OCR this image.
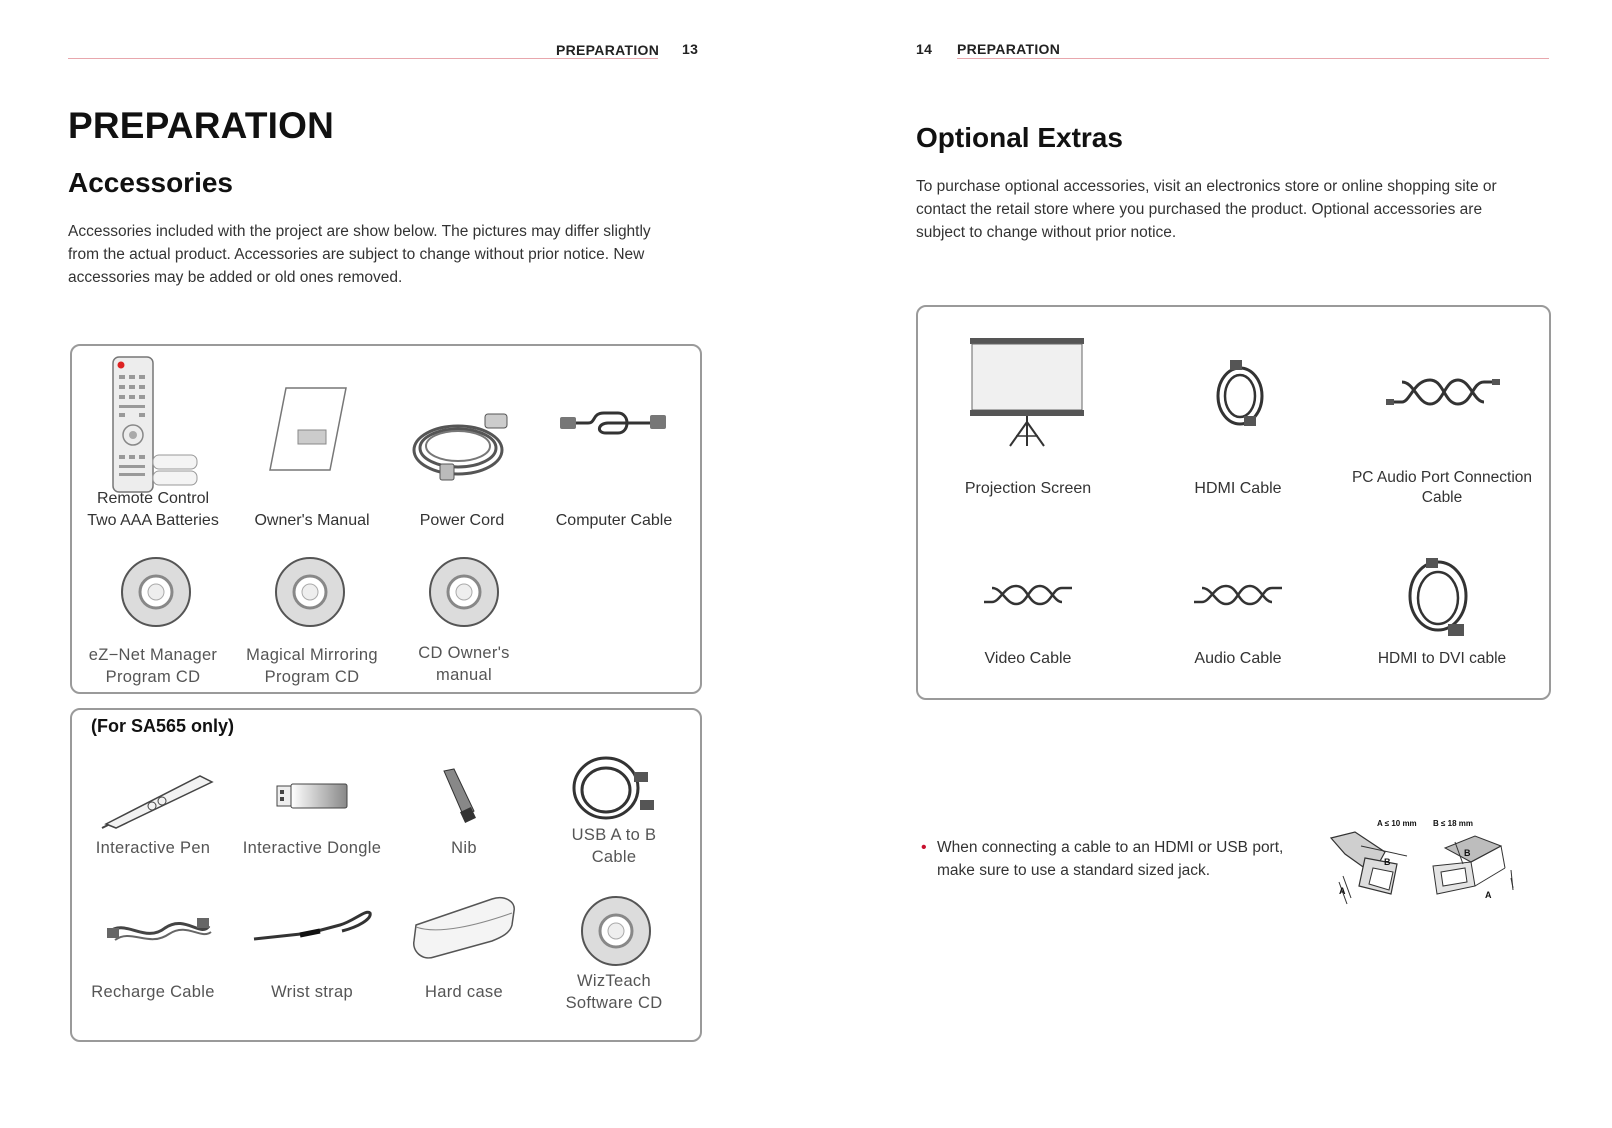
PREPARATION 13
PREPARATION
Accessories
Accessories included with the project are show below. The pictures may differ slightly
from the actual product. Accessories are subject to change without prior notice. New
accessories may be added or old ones removed.
Remote Control
Two AAA Batteries	Owner's Manual	Power Cord	Computer Cable
eZ−Net Manager
Program CD
Magical Mirroring
Program CD
CD Owner's
manual
(For SA565 only)
Interactive Pen	Interactive Dongle	Nib
USB A to B
Cable
Recharge Cable	Wrist strap	Hard case
WizTeach
Software CD
14 PREPARATION
Optional Extras
To purchase optional accessories, visit an electronics store or online shopping site or
contact the retail store where you purchased the product. Optional accessories are
subject to change without prior notice.
Projection Screen	HDMI Cable
PC Audio Port Connection
Cable
Video Cable	Audio Cable	HDMI to DVI cable
• When connecting a cable to an HDMI or USB port,
make sure to use a standard sized jack.
A ≤ 10 mm B ≤ 18 mm
A	A
B
B
